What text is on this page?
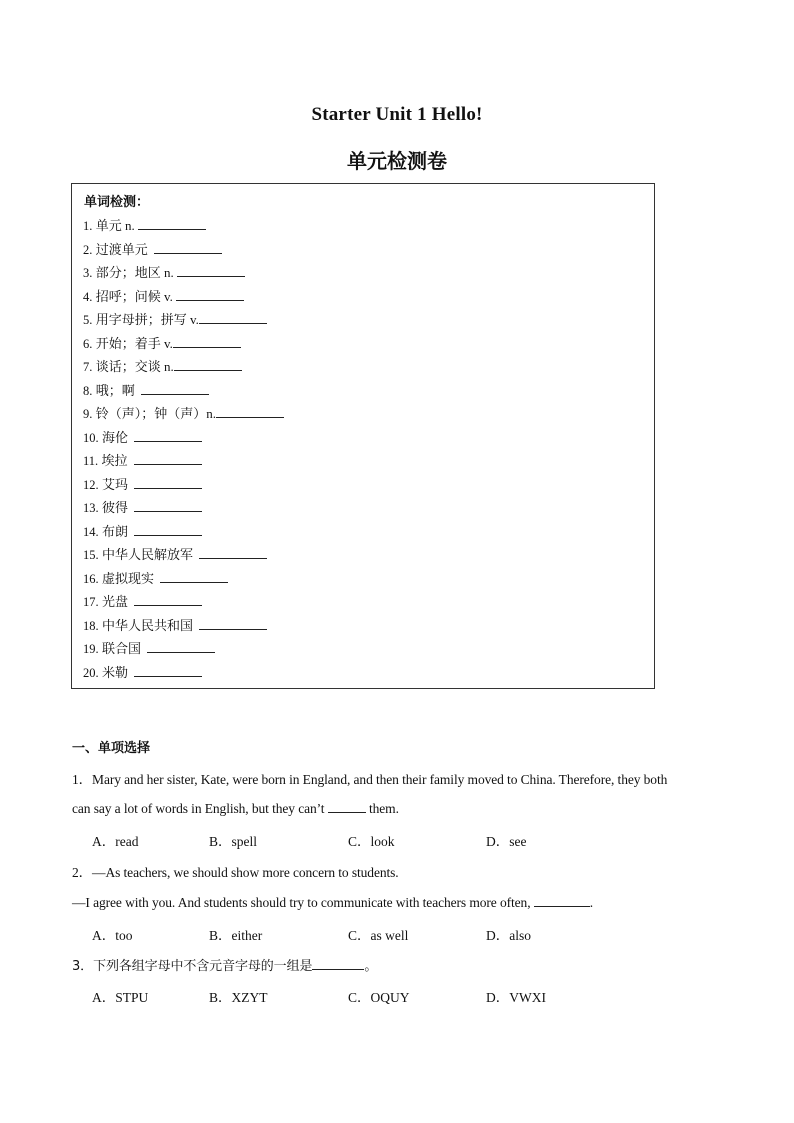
Starter Unit 1 Hello!
单元检测卷
单词检测：
1. 单元 n.
2. 过渡单元
3. 部分；地区 n.
4. 招呼；问候 v.
5. 用字母拼；拼写 v.
6. 开始；着手 v.
7. 谈话；交谈 n.
8. 哦；啊
9. 铃（声）；钟（声）n.
10. 海伦
11. 埃拉
12. 艾玛
13. 彼得
14. 布朗
15. 中华人民解放军
16. 虚拟现实
17. 光盘
18. 中华人民共和国
19. 联合国
20. 米勒
一、单项选择
1．Mary and her sister, Kate, were born in England, and then their family moved to China. Therefore, they both
can say a lot of words in English, but they can’t	them.
A．read	B．spell	C．look	D．see
2．—As teachers, we should show more concern to students.
—I agree with you. And students should try to communicate with teachers more often,	.
A．too	B．either	C．as well	D．also
3．下列各组字母中不含元音字母的一组是	。
A．STPU	B．XZYT	C．OQUY	D．VWXI
